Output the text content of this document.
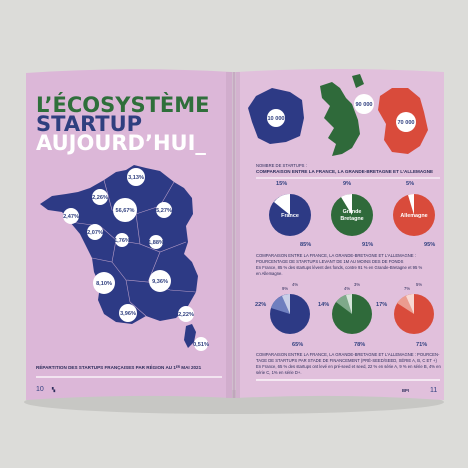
L’ÉCOSYSTÈME
STARTUP
AUJOURD’HUI_
3,13%
2,26%
56,67%	5,27%
2,47%
2,07%
1,76%	1,88%
8,10%	9,36%
3,96%	2,22%
0,51%
RÉPARTITION DES STARTUPS FRANÇAISES PAR RÉGION AU 1ᴱᴿ MAI 2021
10 ▚
10 000
90 000
70 000
NOMBRE DE STARTUPS :
COMPARAISON ENTRE LA FRANCE, LA GRANDE-BRETAGNE ET L’ALLEMAGNE
France
15%
85%
Grande
Bretagne
9%
91%
Allemagne
5%
95%
COMPARAISON ENTRE LA FRANCE, LA GRANDE-BRETAGNE ET L’ALLEMAGNE :
POURCENTAGE DE STARTUPS LEVANT DE 1M AU MOINS DES DE FONDS
En France, 85 % des startups lèvent des fonds, contre 91 % en Grande-Bretagne et 95 %
en Allemagne.
22%
9%
4%
65%
14%
4%
3%
78%
17%
7%
5%
71%
COMPARAISON ENTRE LA FRANCE, LA GRANDE-BRETAGNE ET L’ALLEMAGNE : POURCEN-
TAGE DE STARTUPS PAR STADE DE FINANCEMENT (PRÉ-SEED/SEED, SÉRIE A, B, C ET +)
En France, 65 % des startups ont levé en pré-seed et seed, 22 % en série A, 9 % en série B, 4% en
série C, 1% en série D+.
BPI	11
